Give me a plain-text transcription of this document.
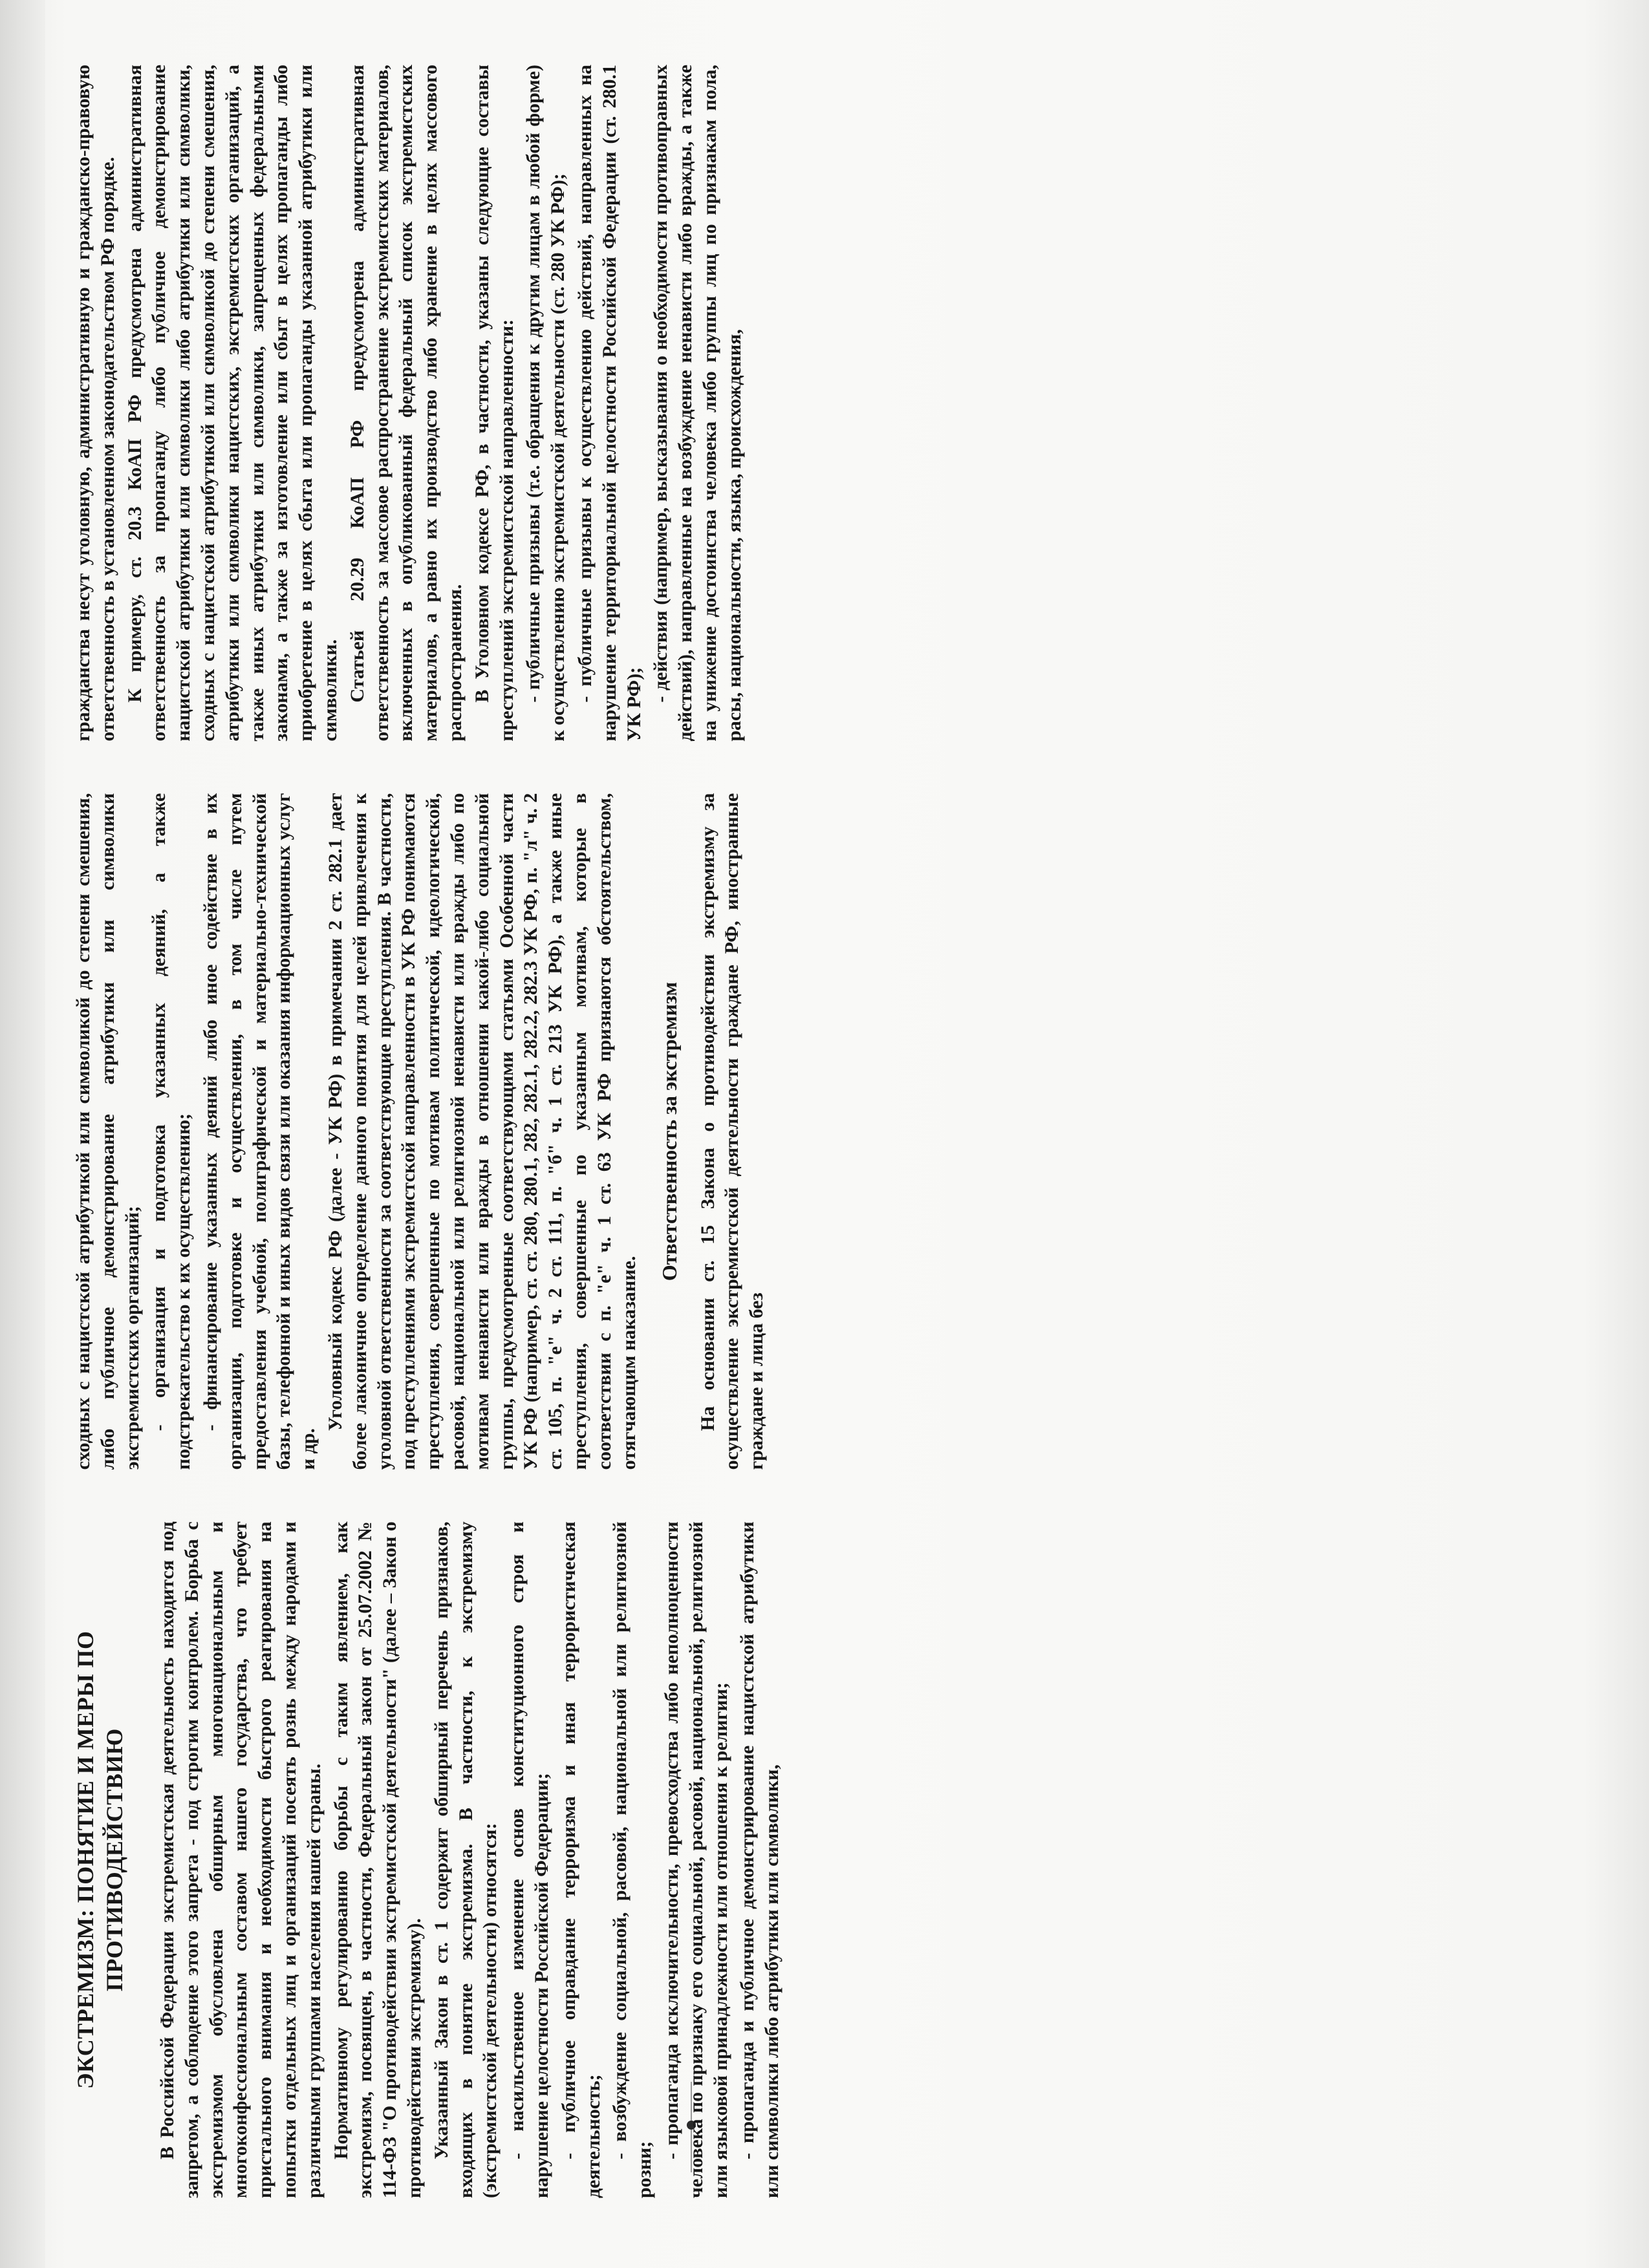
ЭКСТРЕМИЗМ: ПОНЯТИЕ И МЕРЫ ПО ПРОТИВОДЕЙСТВИЮ В Российской Федерации экстремистская деятельность находится под запретом, а соблюдение этого запрета - под строгим контролем. Борьба с экстремизмом обусловлена обширным многонациональным и многоконфессиональным составом нашего государства, что требует пристального внимания и необходимости быстрого реагирования на попытки отдельных лиц и организаций посеять рознь между народами и различными группами населения нашей страны. Нормативному регулированию борьбы с таким явлением, как экстремизм, посвящен, в частности, Федеральный закон от 25.07.2002 № 114-ФЗ "О противодействии экстремистской деятельности" (далее – Закон о противодействии экстремизму). Указанный Закон в ст. 1 содержит обширный перечень признаков, входящих в понятие экстремизма. В частности, к экстремизму (экстремистской деятельности) относятся: - насильственное изменение основ конституционного строя и нарушение целостности Российской Федерации; - публичное оправдание терроризма и иная террористическая деятельность; - возбуждение социальной, расовой, национальной или религиозной розни;

- пропаганда исключительности, превосходства либо неполноценности человека по признаку его социальной, расовой, национальной, религиозной или языковой принадлежности или отношения к религии; - пропаганда и публичное демонстрирование нацистской атрибутики или символики либо атрибутики или символики,

сходных с нацистской атрибутикой или символикой до степени смешения, либо публичное демонстрирование атрибутики или символики экстремистских организаций; - организация и подготовка указанных деяний, а также подстрекательство к их осуществлению; - финансирование указанных деяний либо иное содействие в их организации, подготовке и осуществлении, в том числе путем предоставления учебной, полиграфической и материально-технической базы, телефонной и иных видов связи или оказания информационных услуг и др.

Уголовный кодекс РФ (далее - УК РФ) в примечании 2 ст. 282.1 дает более лаконичное определение данного понятия для целей привлечения к уголовной ответственности за соответствующие преступления. В частности, под преступлениями экстремистской направленности в УК РФ понимаются преступления, совершенные по мотивам политической, идеологической, расовой, национальной или религиозной ненависти или вражды либо по мотивам ненависти или вражды в отношении какой-либо социальной группы, предусмотренные соответствующими статьями Особенной части УК РФ (например, ст. ст. 280, 280.1, 282, 282.1, 282.2, 282.3 УК РФ, п. "л" ч. 2 ст. 105, п. "е" ч. 2 ст. 111, п. "б" ч. 1 ст. 213 УК РФ), а также иные преступления, совершенные по указанным мотивам, которые в соответствии с п. "е" ч. 1 ст. 63 УК РФ признаются обстоятельством, отягчающим наказание.

Ответственность за экстремизм На основании ст. 15 Закона о противодействии экстремизму за осуществление экстремистской деятельности граждане РФ, иностранные граждане и лица без

гражданства несут уголовную, административную и гражданско-правовую ответственность в установленном законодательством РФ порядке. К примеру, ст. 20.3 КоАП РФ предусмотрена административная ответственность за пропаганду либо публичное демонстрирование нацистской атрибутики или символики либо атрибутики или символики, сходных с нацистской атрибутикой или символикой до степени смешения, атрибутики или символики нацистских, экстремистских организаций, а также иных атрибутики или символики, запрещенных федеральными законами, а также за изготовление или сбыт в целях пропаганды либо приобретение в целях сбыта или пропаганды указанной атрибутики или символики. Статьей 20.29 КоАП РФ предусмотрена административная ответственность за массовое распространение экстремистских материалов, включенных в опубликованный федеральный список экстремистских материалов, а равно их производство либо хранение в целях массового распространения. В Уголовном кодексе РФ, в частности, указаны следующие составы преступлений экстремистской направленности: - публичные призывы (т.е. обращения к другим лицам в любой форме) к осуществлению экстремистской деятельности (ст. 280 УК РФ); - публичные призывы к осуществлению действий, направленных на нарушение территориальной целостности Российской Федерации (ст. 280.1 УК РФ);

- действия (например, высказывания о необходимости противоправных действий), направленные на возбуждение ненависти либо вражды, а также на унижение достоинства человека либо группы лиц по признакам пола, расы, национальности, языка, происхождения,
